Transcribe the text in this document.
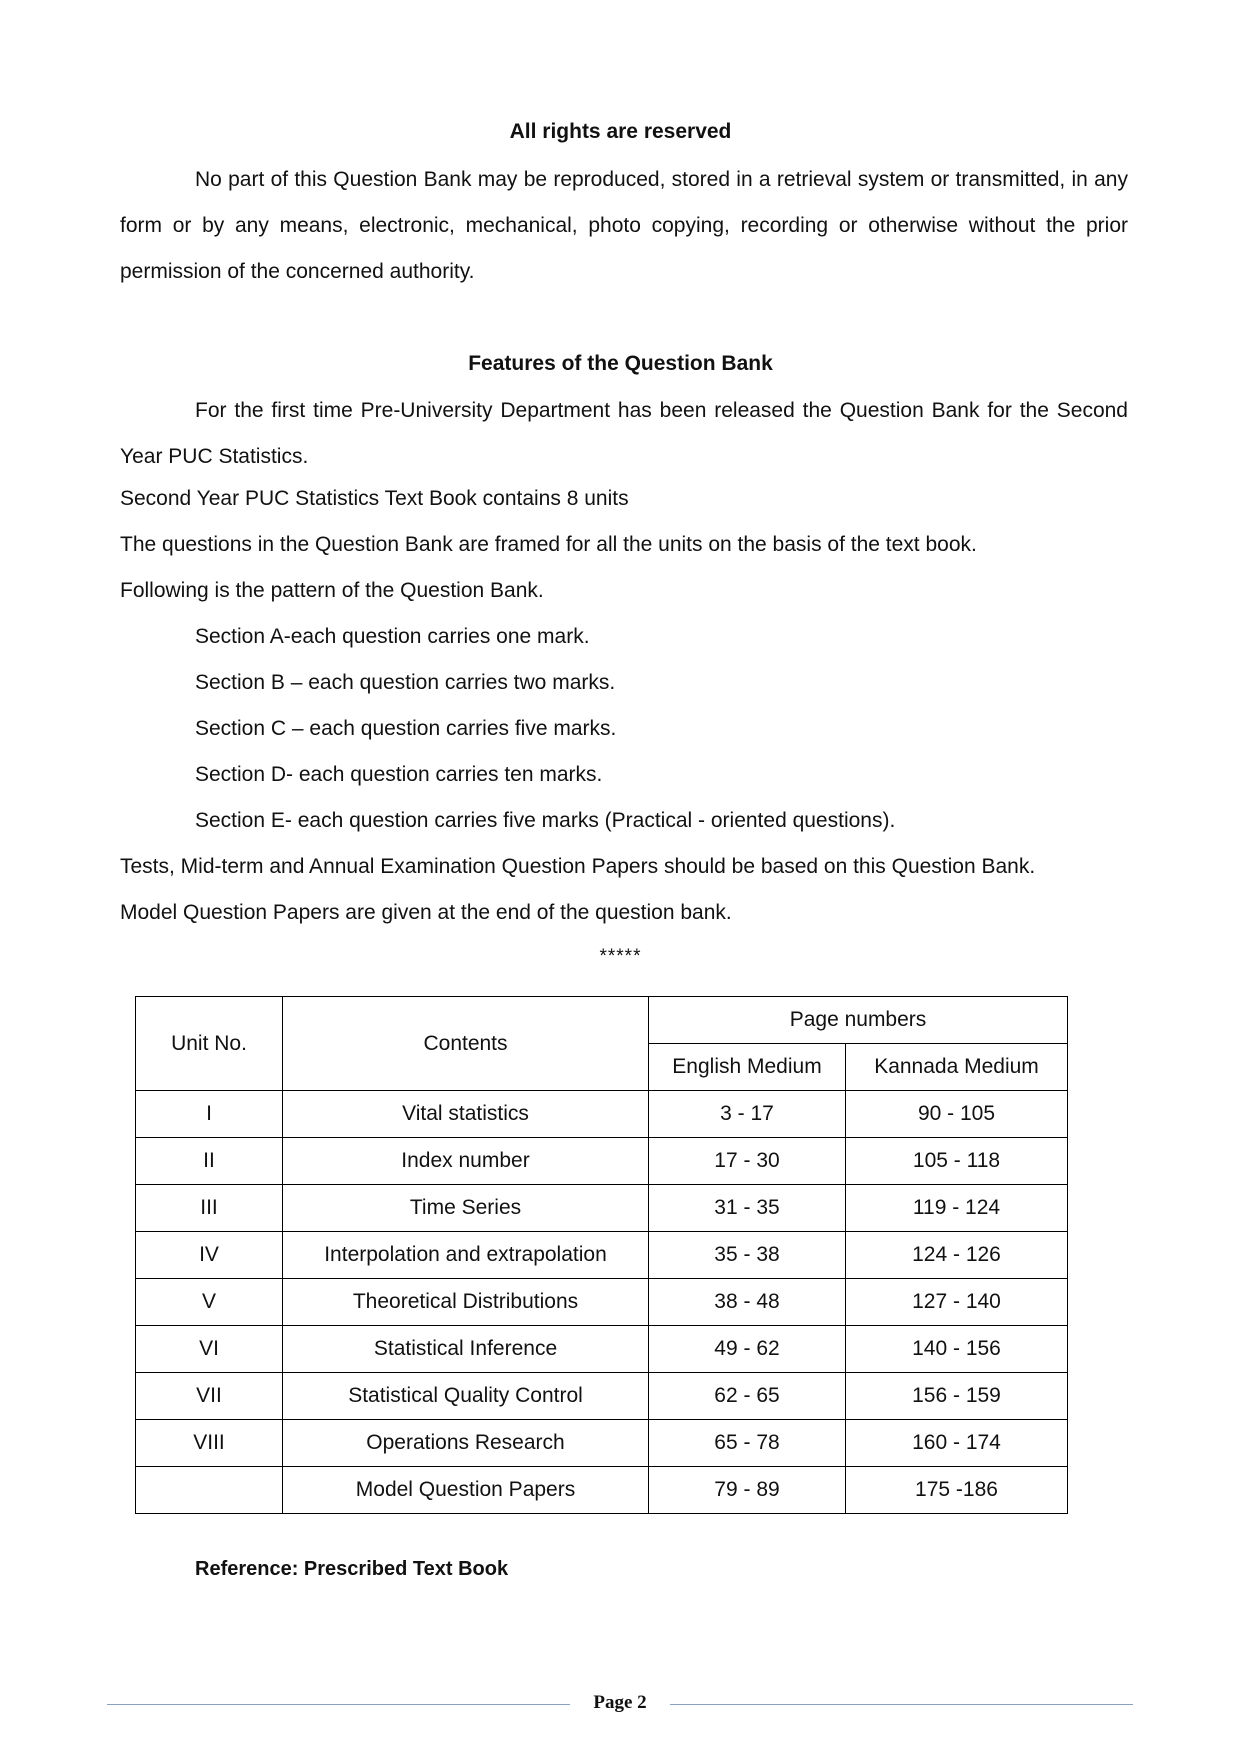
All rights are reserved
No part of this Question Bank may be reproduced, stored in a retrieval system or transmitted, in any form or by any means, electronic, mechanical, photo copying, recording or otherwise without the prior permission of the concerned authority.
Features of the Question Bank
For the first time Pre-University Department has been released the Question Bank for the Second Year PUC Statistics.
Second Year PUC Statistics Text Book contains 8 units
The questions in the Question Bank are framed for all the units on the basis of the text book.
Following is the pattern of the Question Bank.
Section A-each question carries one mark.
Section B – each question carries two marks.
Section C – each question carries five marks.
Section D- each question carries ten marks.
Section E- each question carries five marks (Practical - oriented questions).
Tests, Mid-term and Annual Examination Question Papers should be based on this Question Bank.
Model Question Papers are given at the end of the question bank.
*****
Unit No.	Contents	Page numbers	
		English Medium	Kannada Medium
I	Vital statistics	3 - 17	90 - 105
II	Index number	17 - 30	105 - 118
III	Time Series	31 - 35	119 - 124
IV	Interpolation and extrapolation	35 - 38	124 - 126
V	Theoretical Distributions	38 - 48	127 - 140
VI	Statistical Inference	49 - 62	140 - 156
VII	Statistical Quality Control	62 - 65	156 - 159
VIII	Operations Research	65 - 78	160 - 174
	Model Question Papers	79 - 89	175 -186
Reference: Prescribed Text Book
Page 2
